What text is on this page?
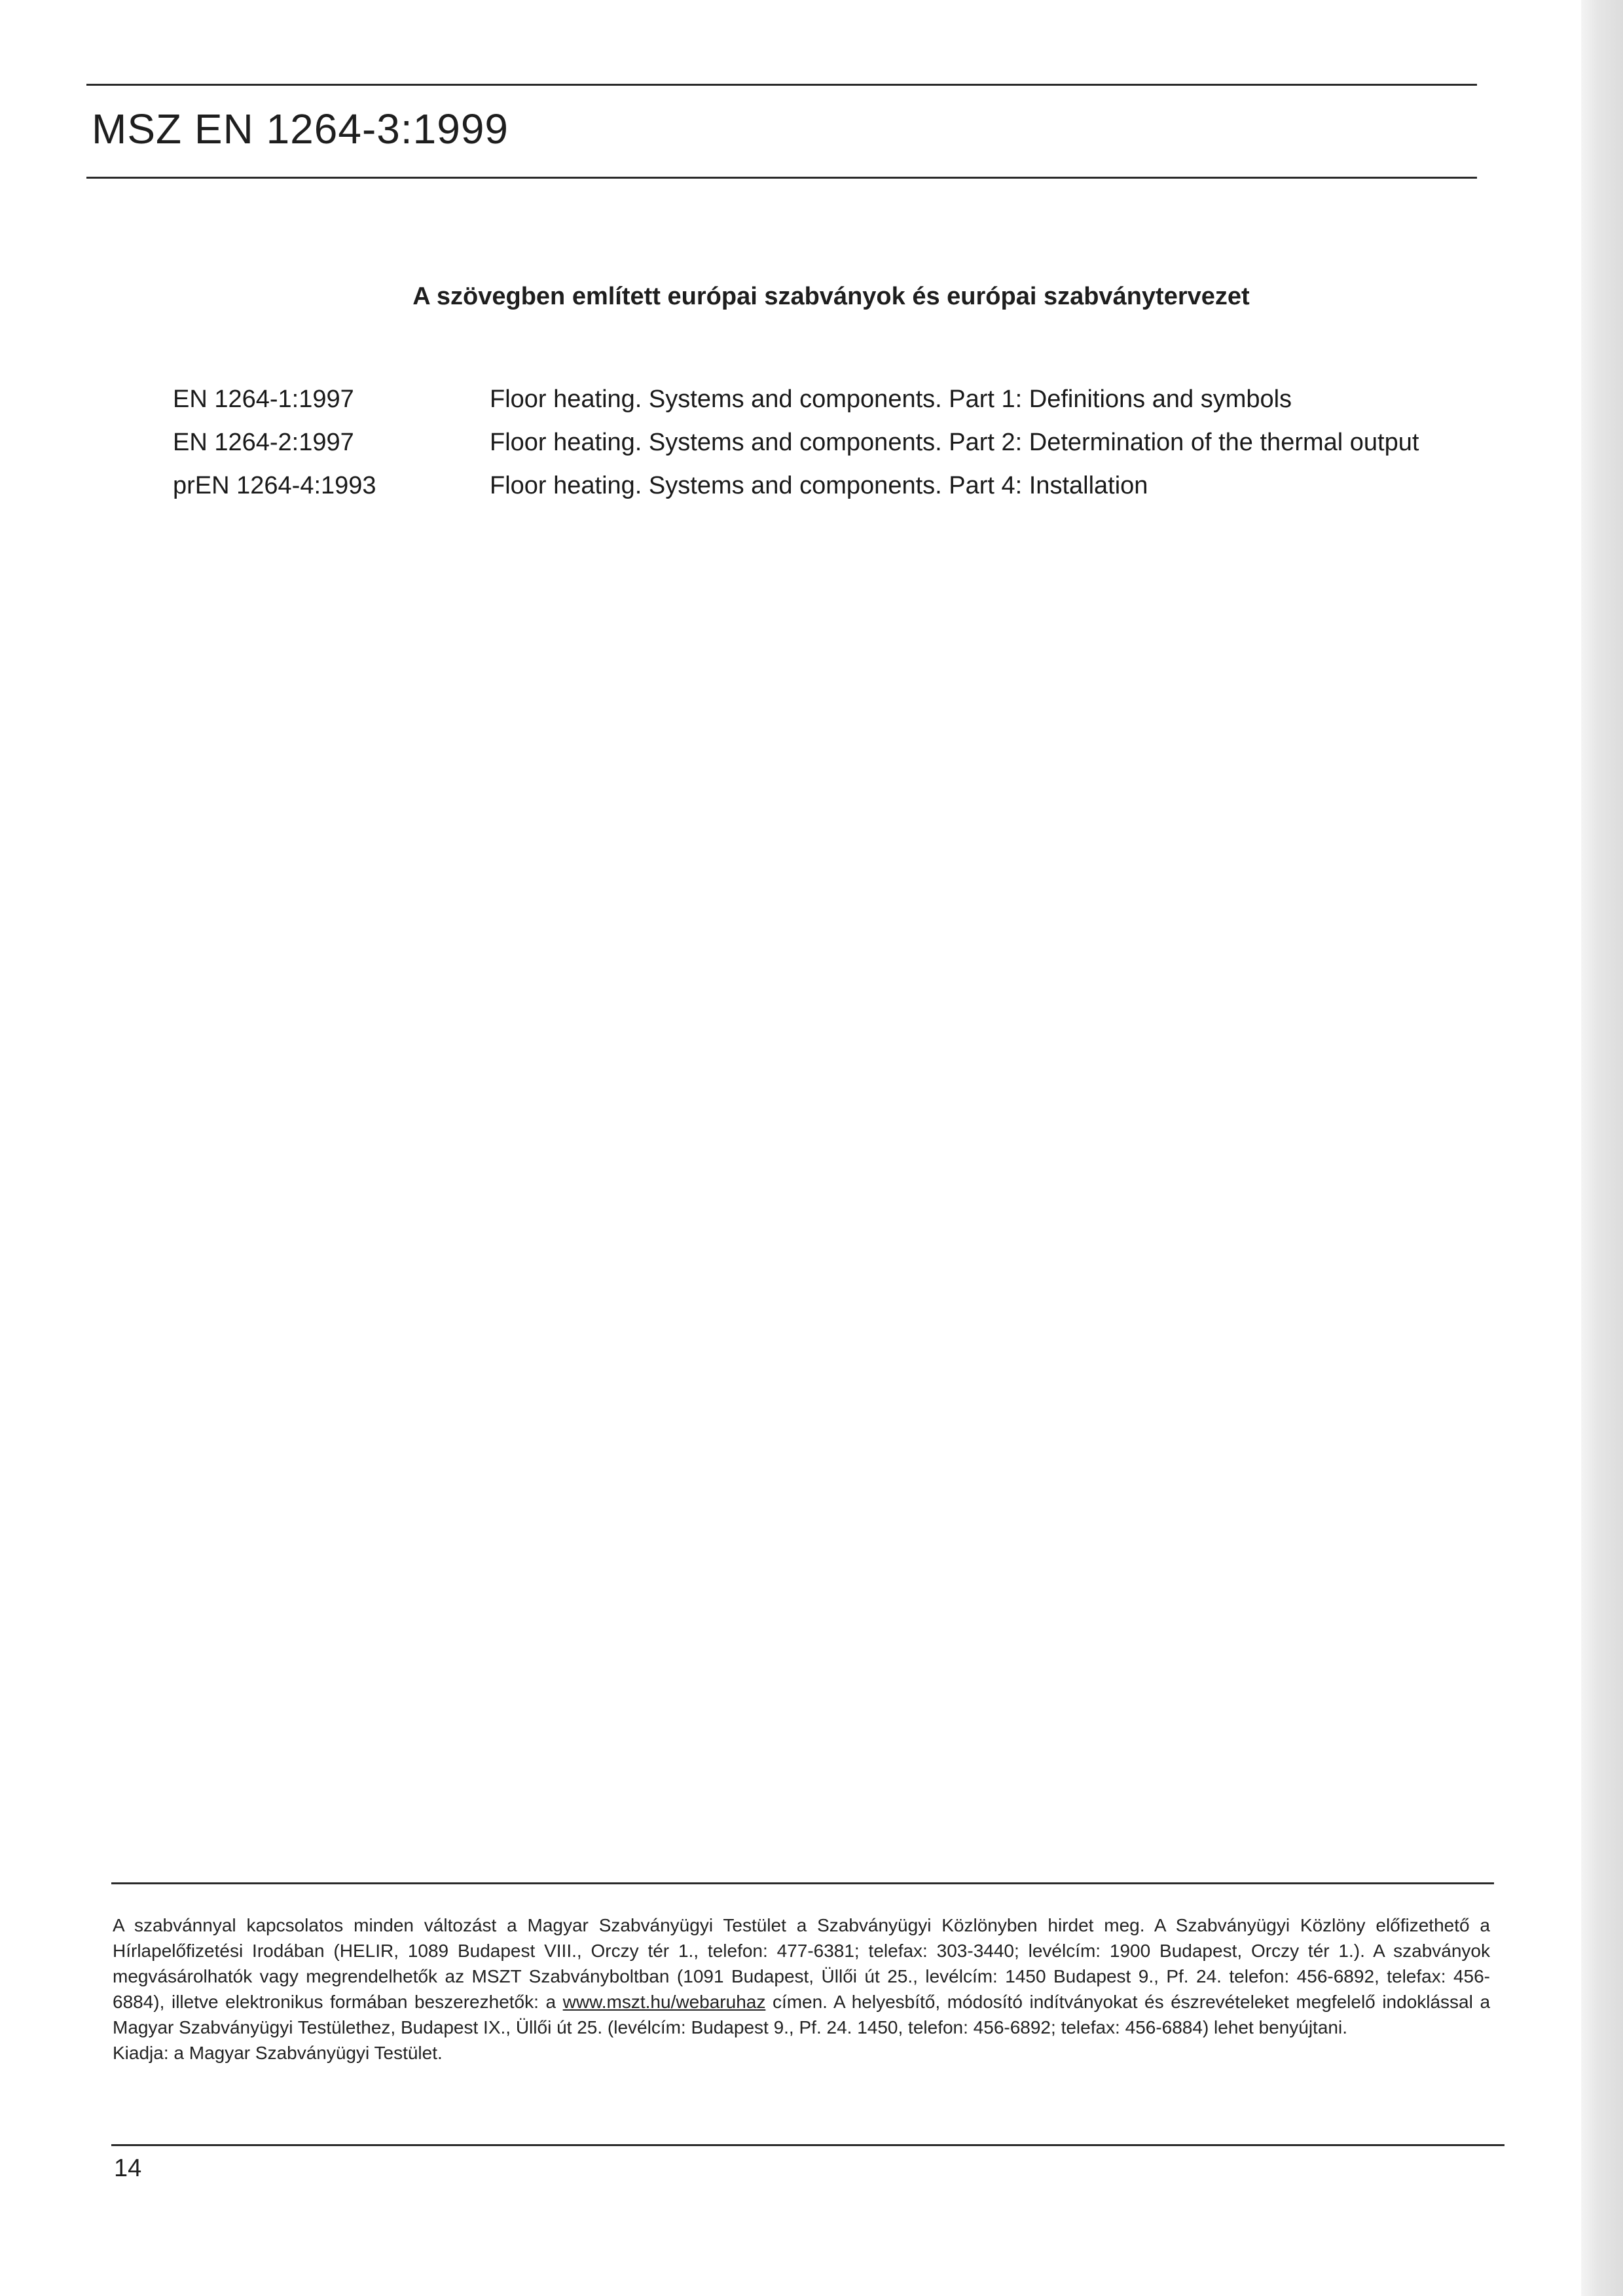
MSZ EN 1264-3:1999
A szövegben említett európai szabványok és európai szabványtervezet
EN 1264-1:1997	Floor heating. Systems and components. Part 1: Definitions and symbols
EN 1264-2:1997	Floor heating. Systems and components. Part 2: Determination of the thermal output
prEN 1264-4:1993	Floor heating. Systems and components. Part 4: Installation

A szabvánnyal kapcsolatos minden változást a Magyar Szabványügyi Testület a Szabványügyi Közlönyben hirdet meg. A Szabványügyi Közlöny előfizethető a Hírlapelőfizetési Irodában (HELIR, 1089 Budapest VIII., Orczy tér 1., telefon: 477-6381; telefax: 303-3440; levélcím: 1900 Budapest, Orczy tér 1.). A szabványok megvásárolhatók vagy megrendelhetők az MSZT Szabványboltban (1091 Budapest, Üllői út 25., levélcím: 1450 Budapest 9., Pf. 24. telefon: 456-6892, telefax: 456-6884), illetve elektronikus formában beszerezhetők: a www.mszt.hu/webaruhaz címen. A helyesbítő, módosító indítványokat és észrevételeket megfelelő indoklással a Magyar Szabványügyi Testülethez, Budapest IX., Üllői út 25. (levélcím: Budapest 9., Pf. 24. 1450, telefon: 456-6892; telefax: 456-6884) lehet benyújtani.

Kiadja: a Magyar Szabványügyi Testület.

14
